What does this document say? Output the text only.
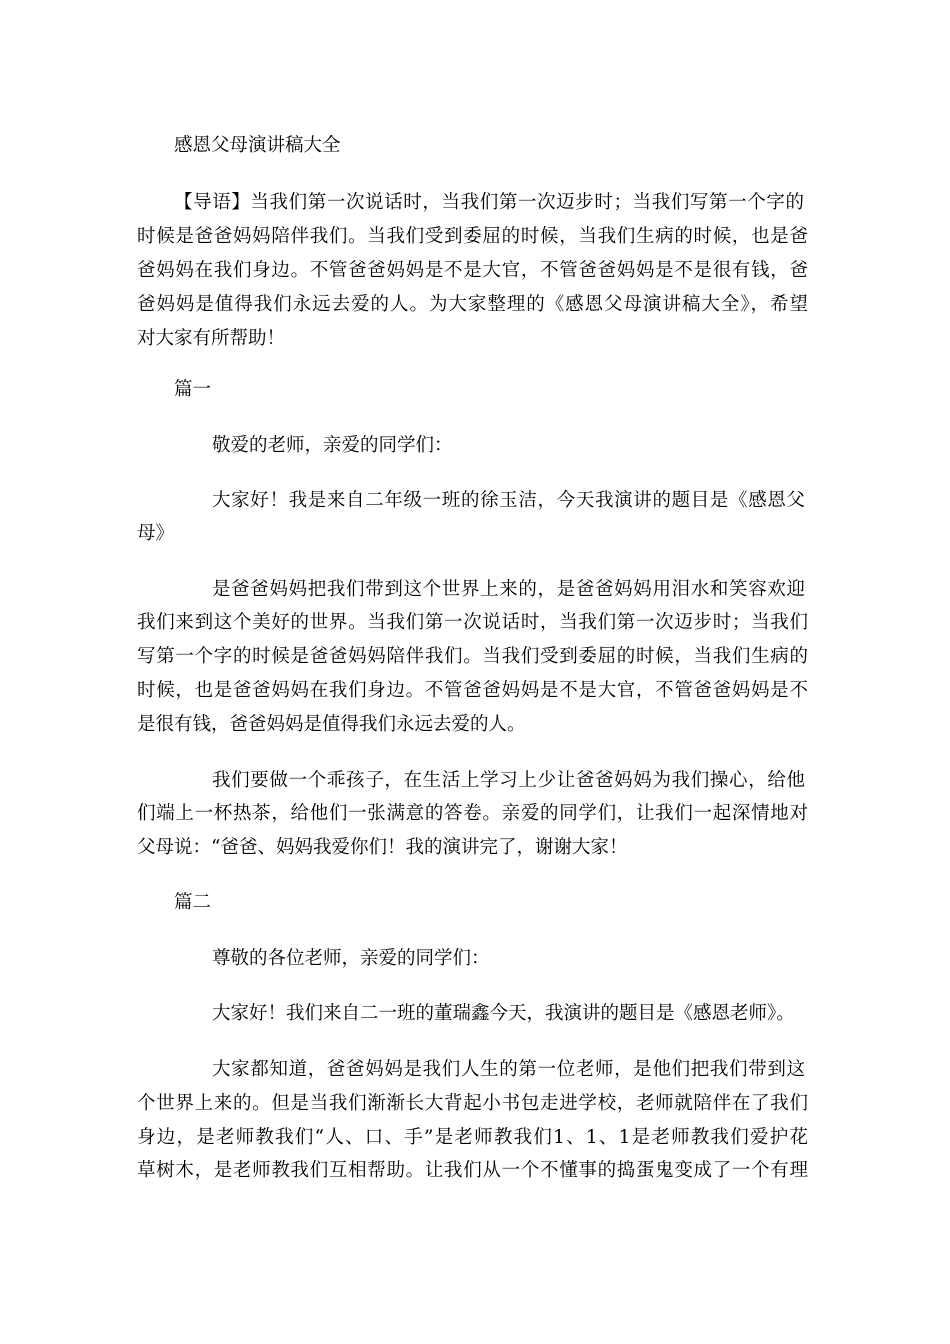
感恩父母演讲稿大全
【导语】当我们第一次说话时，当我们第一次迈步时；当我们写第一个字的
时候是爸爸妈妈陪伴我们。当我们受到委屈的时候，当我们生病的时候，也是爸
爸妈妈在我们身边。不管爸爸妈妈是不是大官，不管爸爸妈妈是不是很有钱，爸
爸妈妈是值得我们永远去爱的人。为大家整理的《感恩父母演讲稿大全》，希望
对大家有所帮助！
篇一
敬爱的老师，亲爱的同学们：
大家好！我是来自二年级一班的徐玉洁，今天我演讲的题目是《感恩父
母》
是爸爸妈妈把我们带到这个世界上来的，是爸爸妈妈用泪水和笑容欢迎
我们来到这个美好的世界。当我们第一次说话时，当我们第一次迈步时；当我们
写第一个字的时候是爸爸妈妈陪伴我们。当我们受到委屈的时候，当我们生病的
时候，也是爸爸妈妈在我们身边。不管爸爸妈妈是不是大官，不管爸爸妈妈是不
是很有钱，爸爸妈妈是值得我们永远去爱的人。
我们要做一个乖孩子，在生活上学习上少让爸爸妈妈为我们操心，给他
们端上一杯热茶，给他们一张满意的答卷。亲爱的同学们，让我们一起深情地对
父母说：“爸爸、妈妈我爱你们！我的演讲完了，谢谢大家！
篇二
尊敬的各位老师，亲爱的同学们：
大家好！我们来自二一班的董瑞鑫今天，我演讲的题目是《感恩老师》。
大家都知道，爸爸妈妈是我们人生的第一位老师，是他们把我们带到这
个世界上来的。但是当我们渐渐长大背起小书包走进学校，老师就陪伴在了我们
身边，是老师教我们“人、口、手”是老师教我们1、1、1是老师教我们爱护花
草树木，是老师教我们互相帮助。让我们从一个不懂事的捣蛋鬼变成了一个有理
